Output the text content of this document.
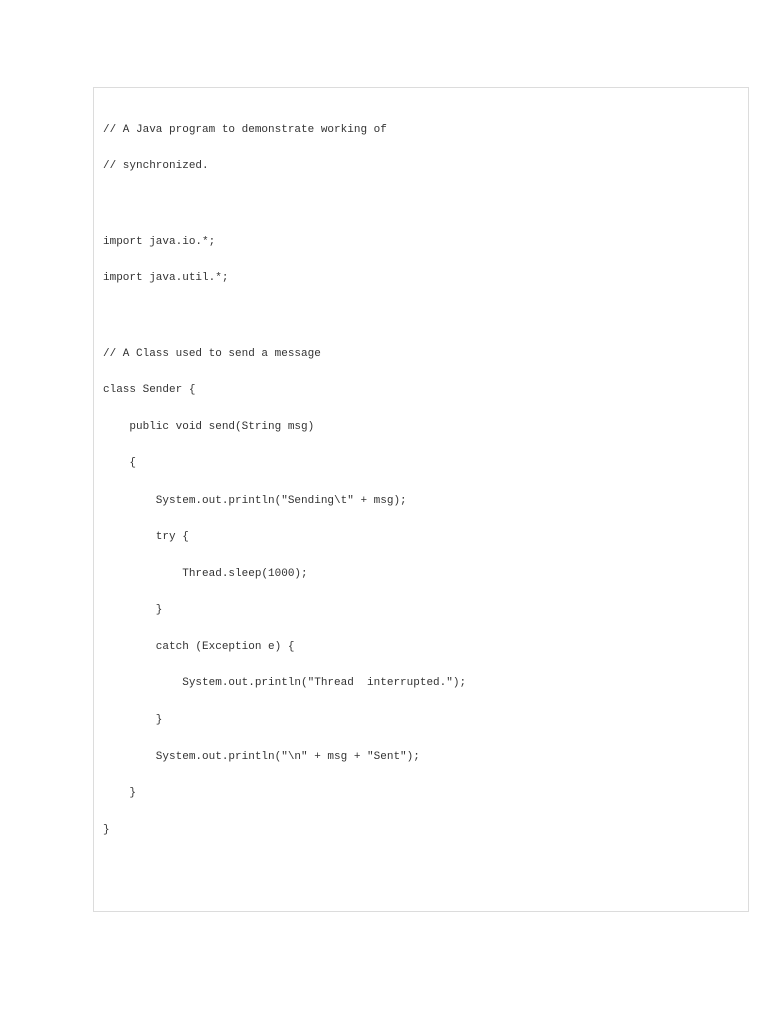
// A Java program to demonstrate working of
// synchronized.
import java.io.*;
import java.util.*;
// A Class used to send a message
class Sender {
public void send(String msg)
{
System.out.println("Sending\t" + msg);
try {
Thread.sleep(1000);
}
catch (Exception e) {
System.out.println("Thread  interrupted.");
}
System.out.println("\n" + msg + "Sent");
}
}
